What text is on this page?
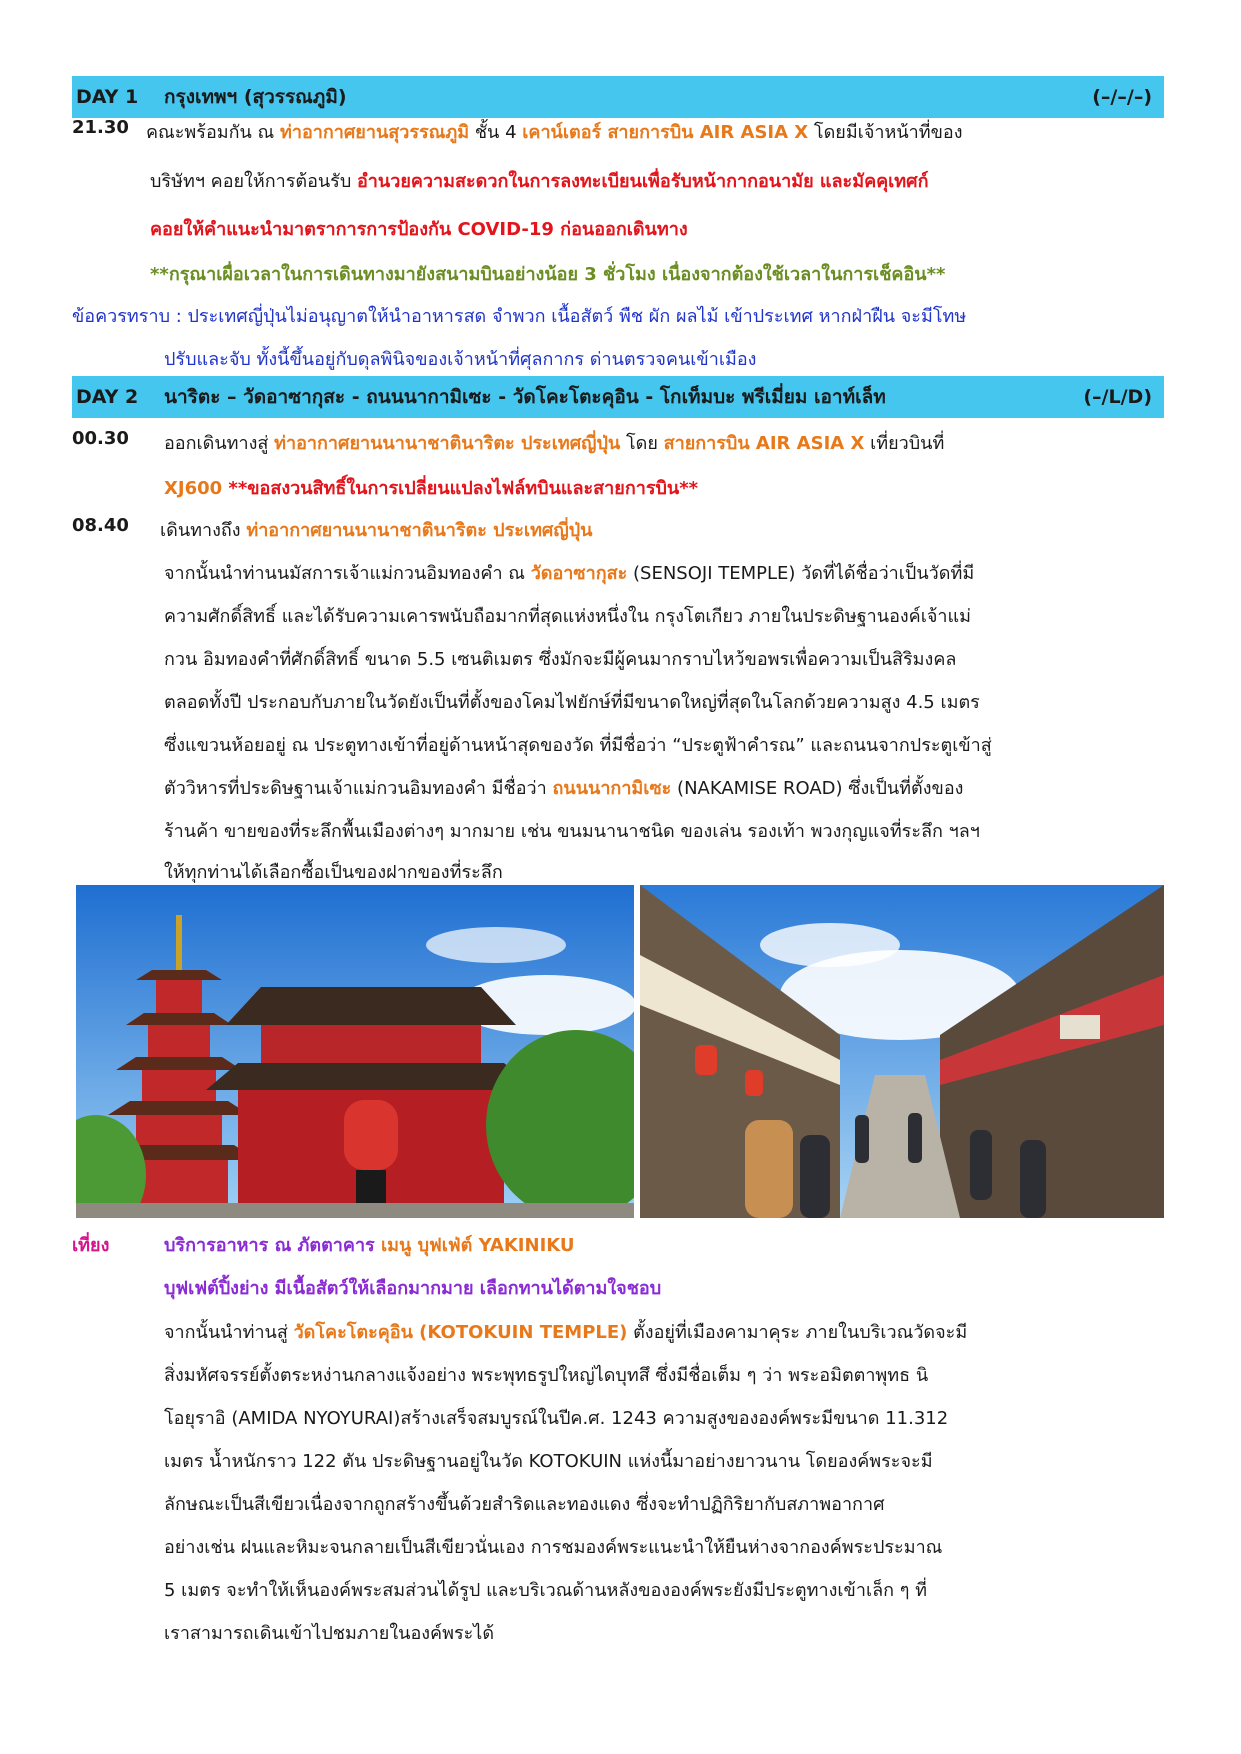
DAY 1 กรุงเทพฯ (สุวรรณภูมิ)	(–/–/–)
21.30 คณะพร้อมกัน ณ ท่าอากาศยานสุวรรณภูมิ ชั้น 4 เคาน์เตอร์ สายการบิน AIR ASIA X โดยมีเจ้าหน้าที่ของ
บริษัทฯ คอยให้การต้อนรับ อำนวยความสะดวกในการลงทะเบียนเพื่อรับหน้ากากอนามัย และมัคคุเทศก์
คอยให้คำแนะนำมาตราการการป้องกัน COVID-19 ก่อนออกเดินทาง
**กรุณาเผื่อเวลาในการเดินทางมายังสนามบินอย่างน้อย 3 ชั่วโมง เนื่องจากต้องใช้เวลาในการเช็คอิน**
ข้อควรทราบ : ประเทศญี่ปุ่นไม่อนุญาตให้นำอาหารสด จำพวก เนื้อสัตว์ พืช ผัก ผลไม้ เข้าประเทศ หากฝ่าฝืน จะมีโทษ
ปรับและจับ ทั้งนี้ขึ้นอยู่กับดุลพินิจของเจ้าหน้าที่ศุลกากร ด่านตรวจคนเข้าเมือง
DAY 2 นาริตะ – วัดอาซากุสะ - ถนนนากามิเซะ - วัดโคะโตะคุอิน - โกเท็มบะ พรีเมี่ยม เอาท์เล็ท	(–/L/D)
00.30 ออกเดินทางสู่ ท่าอากาศยานนานาชาตินาริตะ ประเทศญี่ปุ่น โดย สายการบิน AIR ASIA X เที่ยวบินที่
XJ600 **ขอสงวนสิทธิ์ในการเปลี่ยนแปลงไฟล์ทบินและสายการบิน**
08.40 เดินทางถึง ท่าอากาศยานนานาชาตินาริตะ ประเทศญี่ปุ่น
จากนั้นนำท่านนมัสการเจ้าแม่กวนอิมทองคำ ณ วัดอาซากุสะ (SENSOJI TEMPLE) วัดที่ได้ชื่อว่าเป็นวัดที่มี
ความศักดิ์สิทธิ์ และได้รับความเคารพนับถือมากที่สุดแห่งหนึ่งใน กรุงโตเกียว ภายในประดิษฐานองค์เจ้าแม่
กวน อิมทองคำที่ศักดิ์สิทธิ์ ขนาด 5.5 เซนติเมตร ซึ่งมักจะมีผู้คนมากราบไหว้ขอพรเพื่อความเป็นสิริมงคล
ตลอดทั้งปี ประกอบกับภายในวัดยังเป็นที่ตั้งของโคมไฟยักษ์ที่มีขนาดใหญ่ที่สุดในโลกด้วยความสูง 4.5 เมตร
ซึ่งแขวนห้อยอยู่ ณ ประตูทางเข้าที่อยู่ด้านหน้าสุดของวัด ที่มีชื่อว่า “ประตูฟ้าคำรณ” และถนนจากประตูเข้าสู่
ตัววิหารที่ประดิษฐานเจ้าแม่กวนอิมทองคำ มีชื่อว่า ถนนนากามิเซะ (NAKAMISE ROAD) ซึ่งเป็นที่ตั้งของ
ร้านค้า ขายของที่ระลึกพื้นเมืองต่างๆ มากมาย เช่น ขนมนานาชนิด ของเล่น รองเท้า พวงกุญแจที่ระลึก ฯลฯ
ให้ทุกท่านได้เลือกซื้อเป็นของฝากของที่ระลึก
เที่ยง	บริการอาหาร ณ ภัตตาคาร เมนู บุฟเฟ่ต์ YAKINIKU
บุฟเฟต์ปิ้งย่าง มีเนื้อสัตว์ให้เลือกมากมาย เลือกทานได้ตามใจชอบ
จากนั้นนำท่านสู่ วัดโคะโตะคุอิน (KOTOKUIN TEMPLE) ตั้งอยู่ที่เมืองคามาคุระ ภายในบริเวณวัดจะมี
สิ่งมหัศจรรย์ตั้งตระหง่านกลางแจ้งอย่าง พระพุทธรูปใหญ่ไดบุทสึ ซึ่งมีชื่อเต็ม ๆ ว่า พระอมิตตาพุทธ นิ
โอยุราอิ (AMIDA NYOYURAI)สร้างเสร็จสมบูรณ์ในปีค.ศ. 1243 ความสูงขององค์พระมีขนาด 11.312
เมตร น้ำหนักราว 122 ตัน ประดิษฐานอยู่ในวัด KOTOKUIN แห่งนี้มาอย่างยาวนาน โดยองค์พระจะมี
ลักษณะเป็นสีเขียวเนื่องจากถูกสร้างขึ้นด้วยสำริดและทองแดง ซึ่งจะทำปฏิกิริยากับสภาพอากาศ
อย่างเช่น ฝนและหิมะจนกลายเป็นสีเขียวนั่นเอง การชมองค์พระแนะนำให้ยืนห่างจากองค์พระประมาณ
5 เมตร จะทำให้เห็นองค์พระสมส่วนได้รูป และบริเวณด้านหลังขององค์พระยังมีประตูทางเข้าเล็ก ๆ ที่
เราสามารถเดินเข้าไปชมภายในองค์พระได้
